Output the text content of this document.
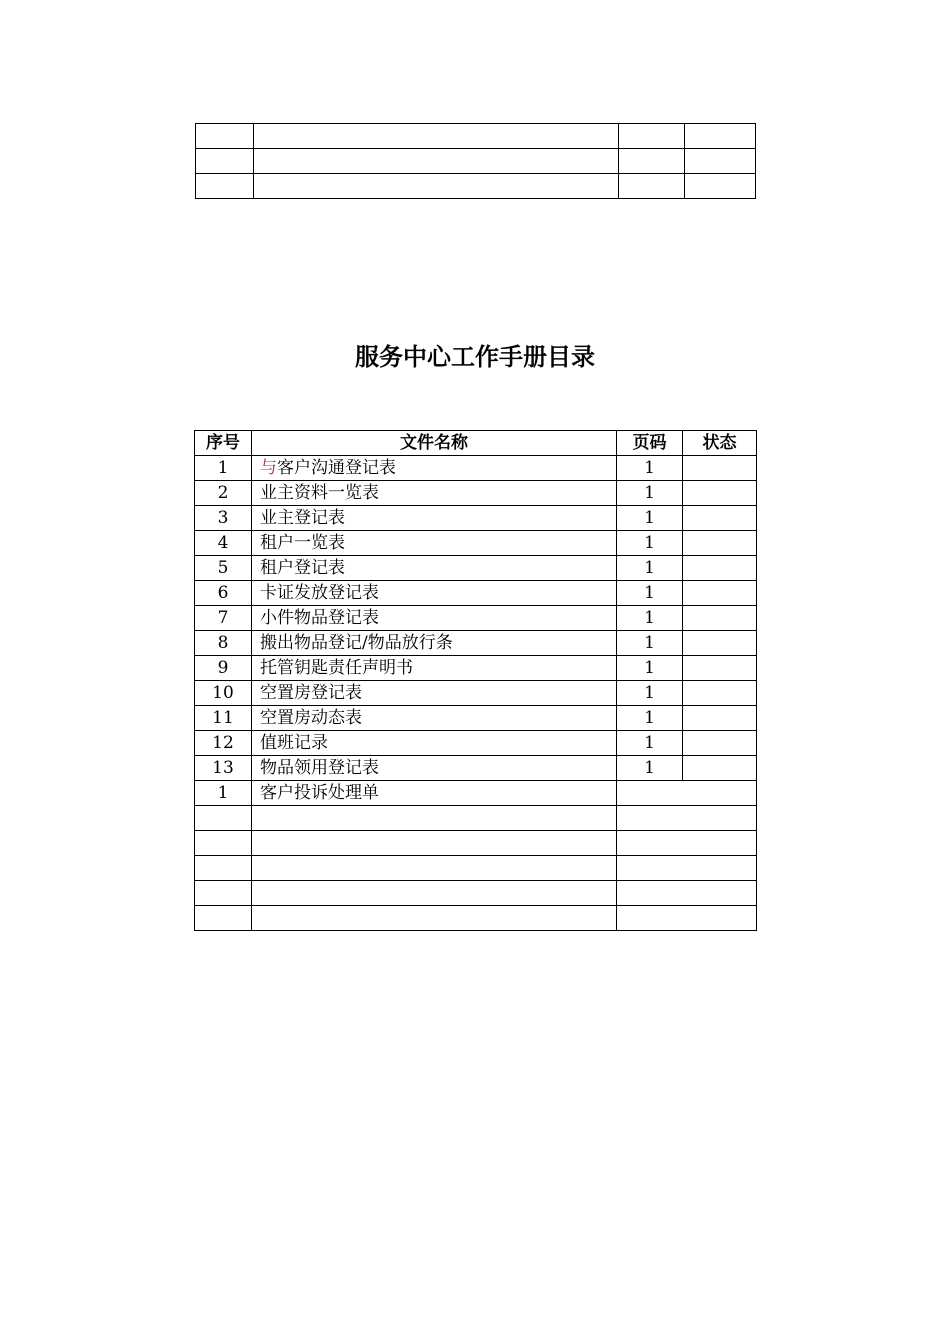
服务中心工作手册目录
序号	文件名称	页码	状态
1	与客户沟通登记表	1	
2	业主资料一览表	1	
3	业主登记表	1	
4	租户一览表	1	
5	租户登记表	1	
6	卡证发放登记表	1	
7	小件物品登记表	1	
8	搬出物品登记/物品放行条	1	
9	托管钥匙责任声明书	1	
10	空置房登记表	1	
11	空置房动态表	1	
12	值班记录	1	
13	物品领用登记表	1	
1	客户投诉处理单		
